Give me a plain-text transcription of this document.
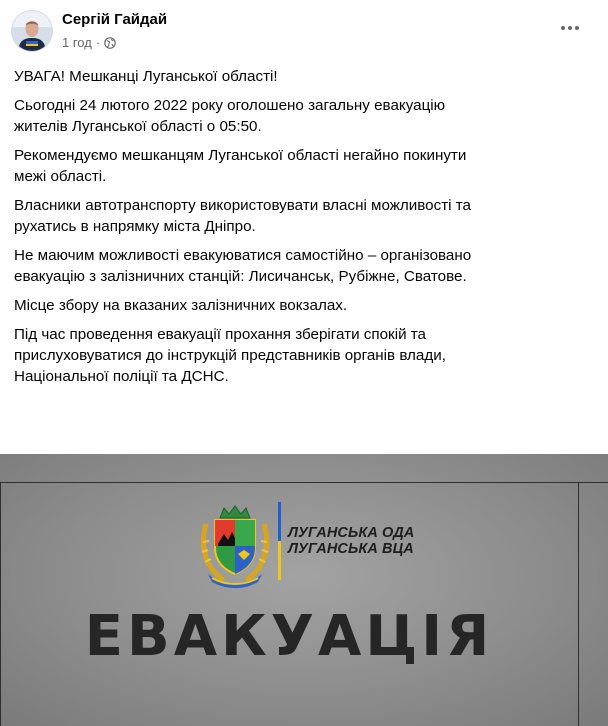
Сергій Гайдай
1 год ·

УВАГА! Мешканці Луганської області!

Сьогодні 24 лютого 2022 року оголошено загальну евакуацію
жителів Луганської області о 05:50.

Рекомендуємо мешканцям Луганської області негайно покинути
межі області.

Власники автотранспорту використовувати власні можливості та
рухатись в напрямку міста Дніпро.

Не маючим можливості евакуюватися самостійно – організовано
евакуацію з залізничних станцій: Лисичанськ, Рубіжне, Сватове.

Місце збору на вказаних залізничних вокзалах.

Під час проведення евакуації прохання зберігати спокій та
прислуховуватися до інструкцій представників органів влади,
Національної поліції та ДСНС.

ЛУГАНСЬКА ОДА
ЛУГАНСЬКА ВЦА
ЕВАКУАЦІЯ
